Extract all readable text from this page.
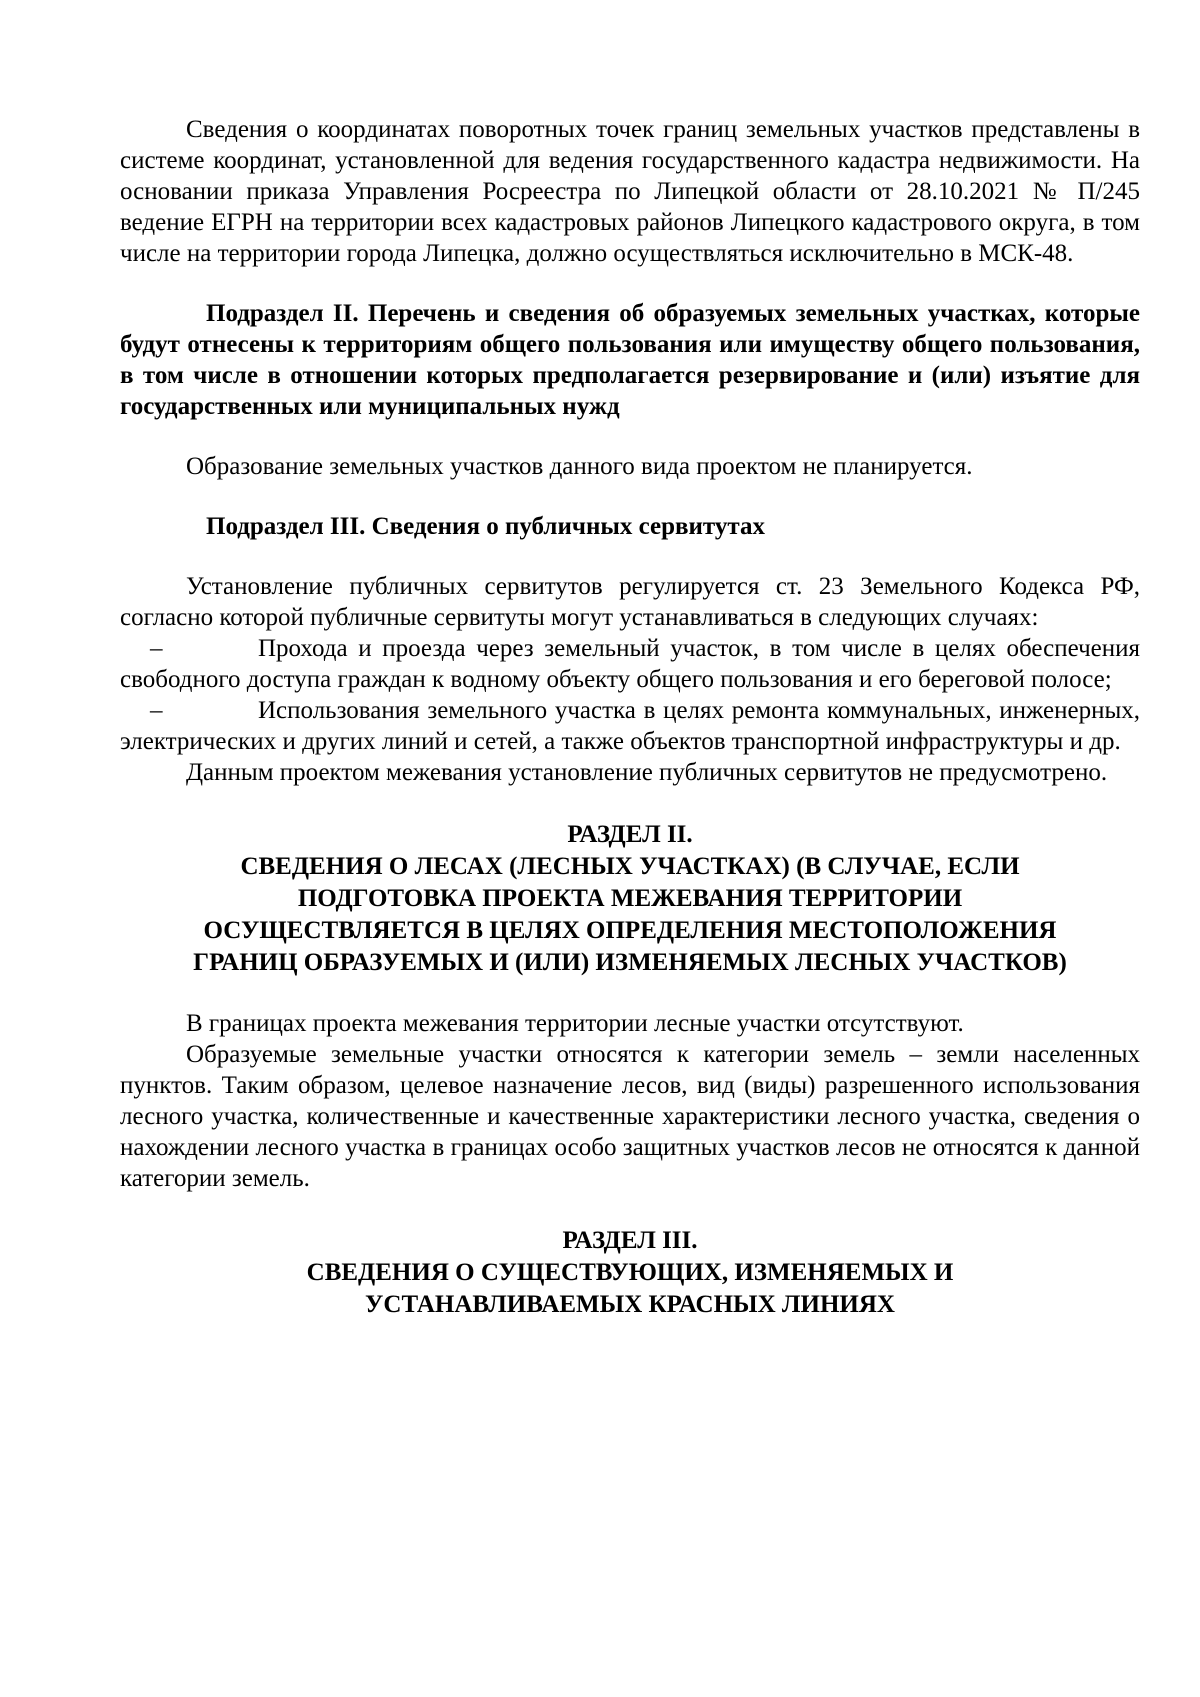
Сведения о координатах поворотных точек границ земельных участков представлены в системе координат, установленной для ведения государственного кадастра недвижимости. На основании приказа Управления Росреестра по Липецкой области от 28.10.2021 № П/245 ведение ЕГРН на территории всех кадастровых районов Липецкого кадастрового округа, в том числе на территории города Липецка, должно осуществляться исключительно в МСК-48.

Подраздел II. Перечень и сведения об образуемых земельных участках, которые будут отнесены к территориям общего пользования или имуществу общего пользования, в том числе в отношении которых предполагается резервирование и (или) изъятие для государственных или муниципальных нужд

Образование земельных участков данного вида проектом не планируется.

Подраздел III. Сведения о публичных сервитутах

Установление публичных сервитутов регулируется ст. 23 Земельного Кодекса РФ, согласно которой публичные сервитуты могут устанавливаться в следующих случаях:

–	Прохода и проезда через земельный участок, в том числе в целях обеспечения свободного доступа граждан к водному объекту общего пользования и его береговой полосе;

–	Использования земельного участка в целях ремонта коммунальных, инженерных, электрических и других линий и сетей, а также объектов транспортной инфраструктуры и др.

Данным проектом межевания установление публичных сервитутов не предусмотрено.

РАЗДЕЛ II.
СВЕДЕНИЯ О ЛЕСАХ (ЛЕСНЫХ УЧАСТКАХ) (В СЛУЧАЕ, ЕСЛИ
ПОДГОТОВКА ПРОЕКТА МЕЖЕВАНИЯ ТЕРРИТОРИИ
ОСУЩЕСТВЛЯЕТСЯ В ЦЕЛЯХ ОПРЕДЕЛЕНИЯ МЕСТОПОЛОЖЕНИЯ
ГРАНИЦ ОБРАЗУЕМЫХ И (ИЛИ) ИЗМЕНЯЕМЫХ ЛЕСНЫХ УЧАСТКОВ)

В границах проекта межевания территории лесные участки отсутствуют.

Образуемые земельные участки относятся к категории земель – земли населенных пунктов. Таким образом, целевое назначение лесов, вид (виды) разрешенного использования лесного участка, количественные и качественные характеристики лесного участка, сведения о нахождении лесного участка в границах особо защитных участков лесов не относятся к данной категории земель.

РАЗДЕЛ III.
СВЕДЕНИЯ О СУЩЕСТВУЮЩИХ, ИЗМЕНЯЕМЫХ И
УСТАНАВЛИВАЕМЫХ КРАСНЫХ ЛИНИЯХ
